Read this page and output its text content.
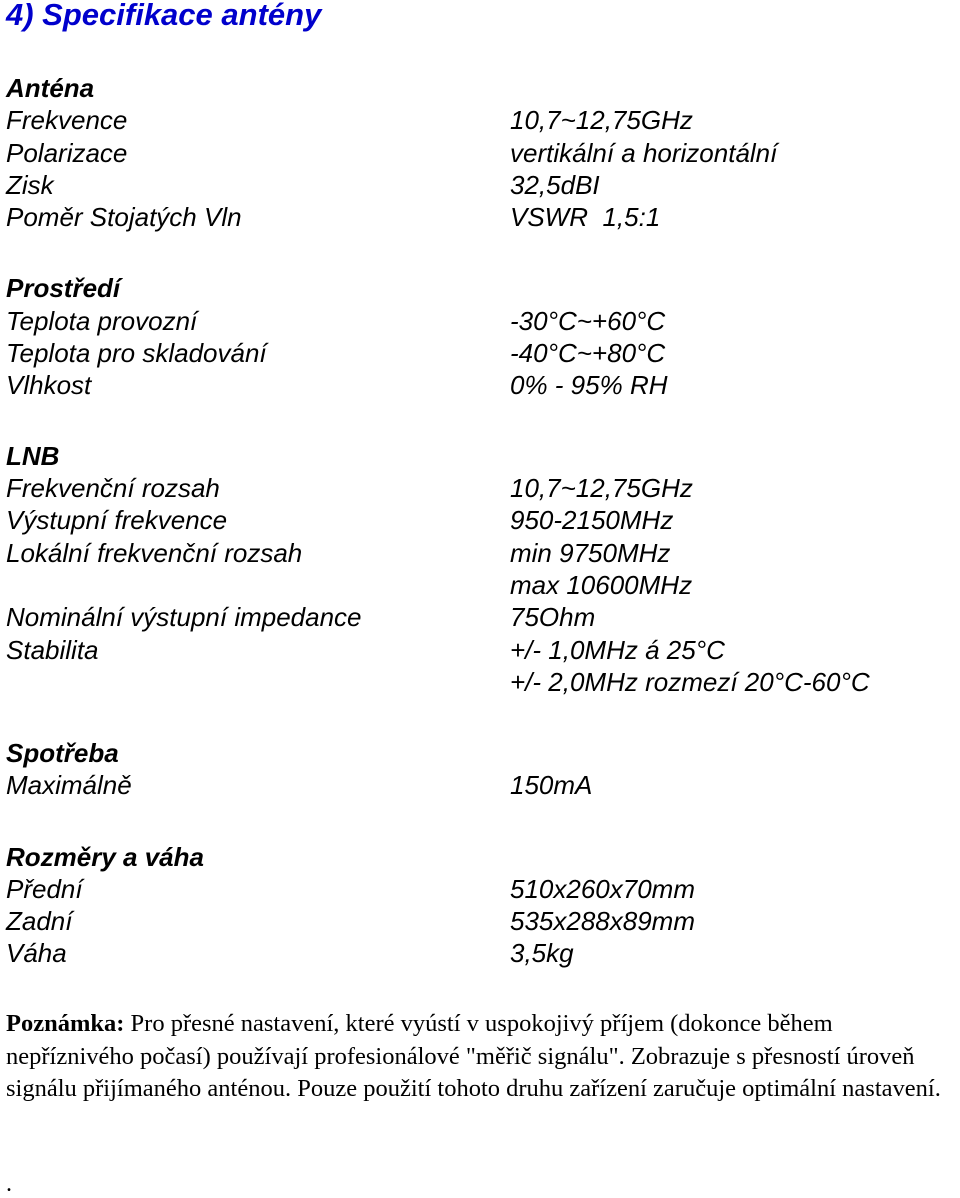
4) Specifikace antény
Anténa
Frekvence	10,7~12,75GHz
Polarizace	vertikální a horizontální
Zisk	32,5dBI
Poměr Stojatých Vln	VSWR  1,5:1
Prostředí
Teplota provozní	-30°C~+60°C
Teplota pro skladování	-40°C~+80°C
Vlhkost	0% - 95% RH
LNB
Frekvenční rozsah	10,7~12,75GHz
Výstupní frekvence	950-2150MHz
Lokální frekvenční rozsah	min 9750MHz
max 10600MHz
Nominální výstupní impedance	75Ohm
Stabilita	+/- 1,0MHz á 25°C
+/- 2,0MHz rozmezí 20°C-60°C
Spotřeba
Maximálně	150mA
Rozměry a váha
Přední	510x260x70mm
Zadní	535x288x89mm
Váha	3,5kg
Poznámka: Pro přesné nastavení, které vyústí v uspokojivý příjem (dokonce během nepříznivého počasí) používají profesionálové "měřič signálu". Zobrazuje s přesností úroveň signálu přijímaného anténou. Pouze použití tohoto druhu zařízení zaručuje optimální nastavení.
.
